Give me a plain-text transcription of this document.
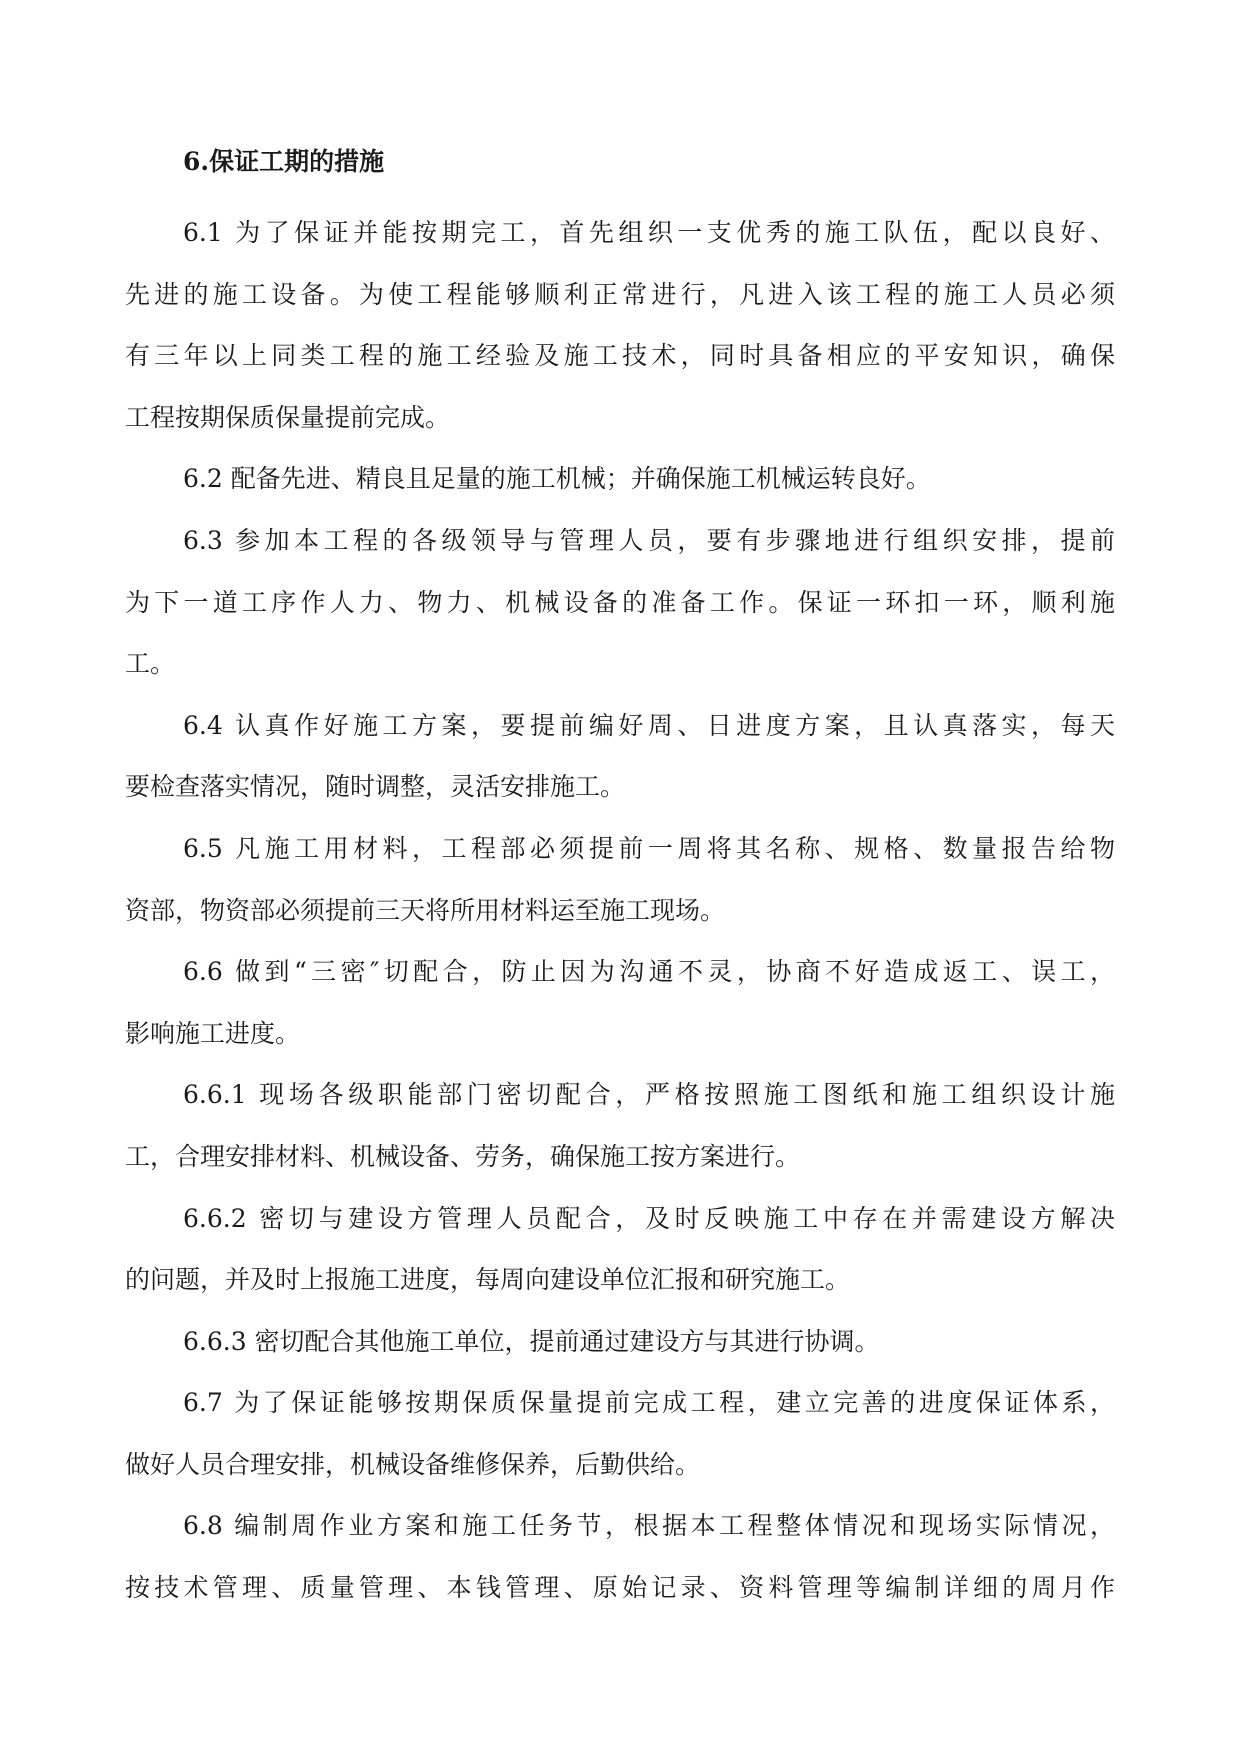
6.保证工期的措施
6.1 为了保证并能按期完工，首先组织一支优秀的施工队伍，配以良好、
先进的施工设备。为使工程能够顺利正常进行，凡进入该工程的施工人员必须
有三年以上同类工程的施工经验及施工技术，同时具备相应的平安知识，确保
工程按期保质保量提前完成。
6.2 配备先进、精良且足量的施工机械；并确保施工机械运转良好。
6.3 参加本工程的各级领导与管理人员，要有步骤地进行组织安排，提前
为下一道工序作人力、物力、机械设备的准备工作。保证一环扣一环，顺利施
工。
6.4 认真作好施工方案，要提前编好周、日进度方案，且认真落实，每天
要检查落实情况，随时调整，灵活安排施工。
6.5 凡施工用材料，工程部必须提前一周将其名称、规格、数量报告给物
资部，物资部必须提前三天将所用材料运至施工现场。
6.6 做到“三密″切配合，防止因为沟通不灵，协商不好造成返工、误工，
影响施工进度。
6.6.1 现场各级职能部门密切配合，严格按照施工图纸和施工组织设计施
工，合理安排材料、机械设备、劳务，确保施工按方案进行。
6.6.2 密切与建设方管理人员配合，及时反映施工中存在并需建设方解决
的问题，并及时上报施工进度，每周向建设单位汇报和研究施工。
6.6.3 密切配合其他施工单位，提前通过建设方与其进行协调。
6.7 为了保证能够按期保质保量提前完成工程，建立完善的进度保证体系，
做好人员合理安排，机械设备维修保养，后勤供给。
6.8 编制周作业方案和施工任务节，根据本工程整体情况和现场实际情况，
按技术管理、质量管理、本钱管理、原始记录、资料管理等编制详细的周月作
